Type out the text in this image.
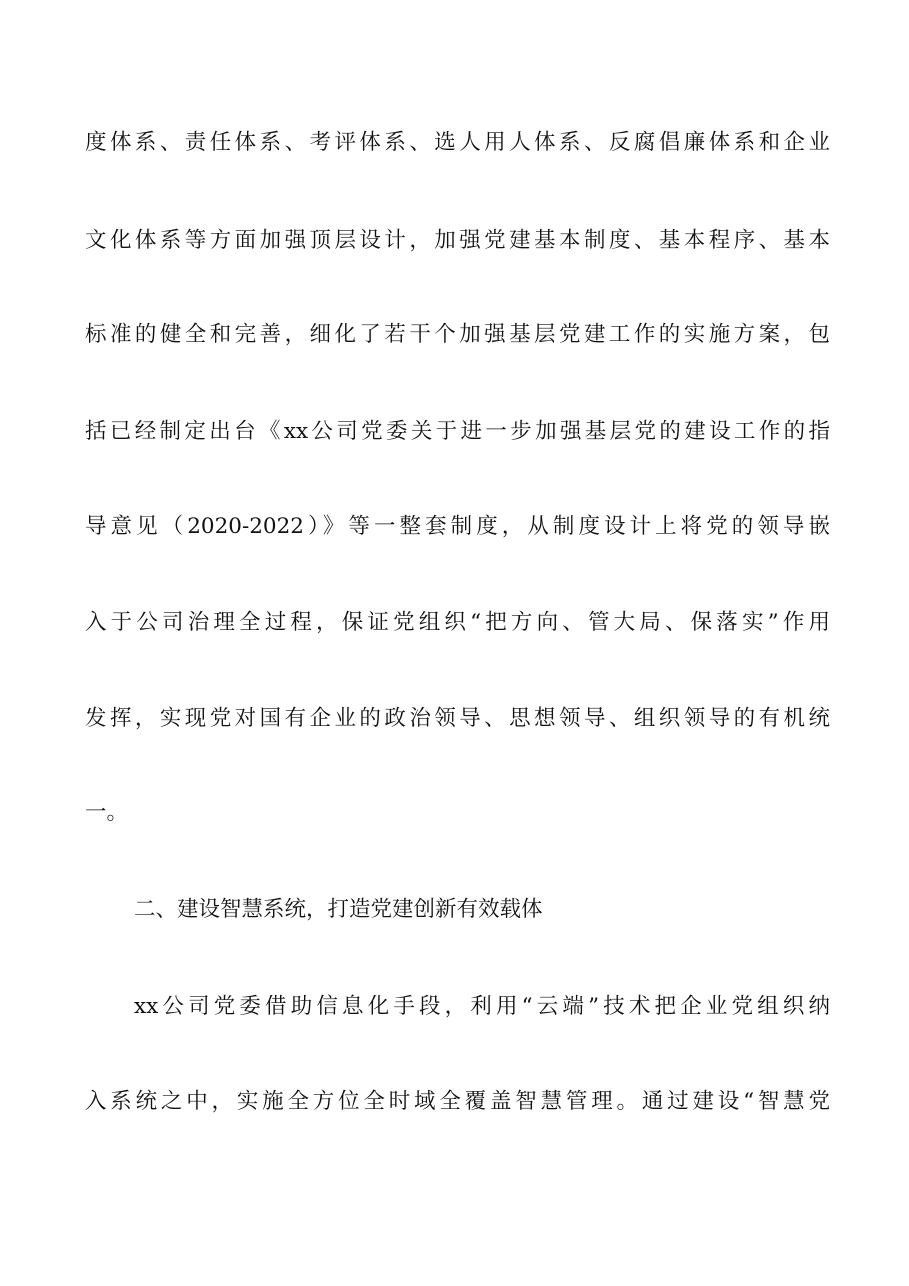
度体系、责任体系、考评体系、选人用人体系、反腐倡廉体系和企业

文化体系等方面加强顶层设计，加强党建基本制度、基本程序、基本

标准的健全和完善，细化了若干个加强基层党建工作的实施方案，包

括已经制定出台《xx公司党委关于进一步加强基层党的建设工作的指

导意见（2020-2022）》等一整套制度，从制度设计上将党的领导嵌

入于公司治理全过程，保证党组织“把方向、管大局、保落实”作用

发挥，实现党对国有企业的政治领导、思想领导、组织领导的有机统

一。

二、建设智慧系统，打造党建创新有效载体

xx公司党委借助信息化手段，利用“云端”技术把企业党组织纳

入系统之中，实施全方位全时域全覆盖智慧管理。通过建设“智慧党
